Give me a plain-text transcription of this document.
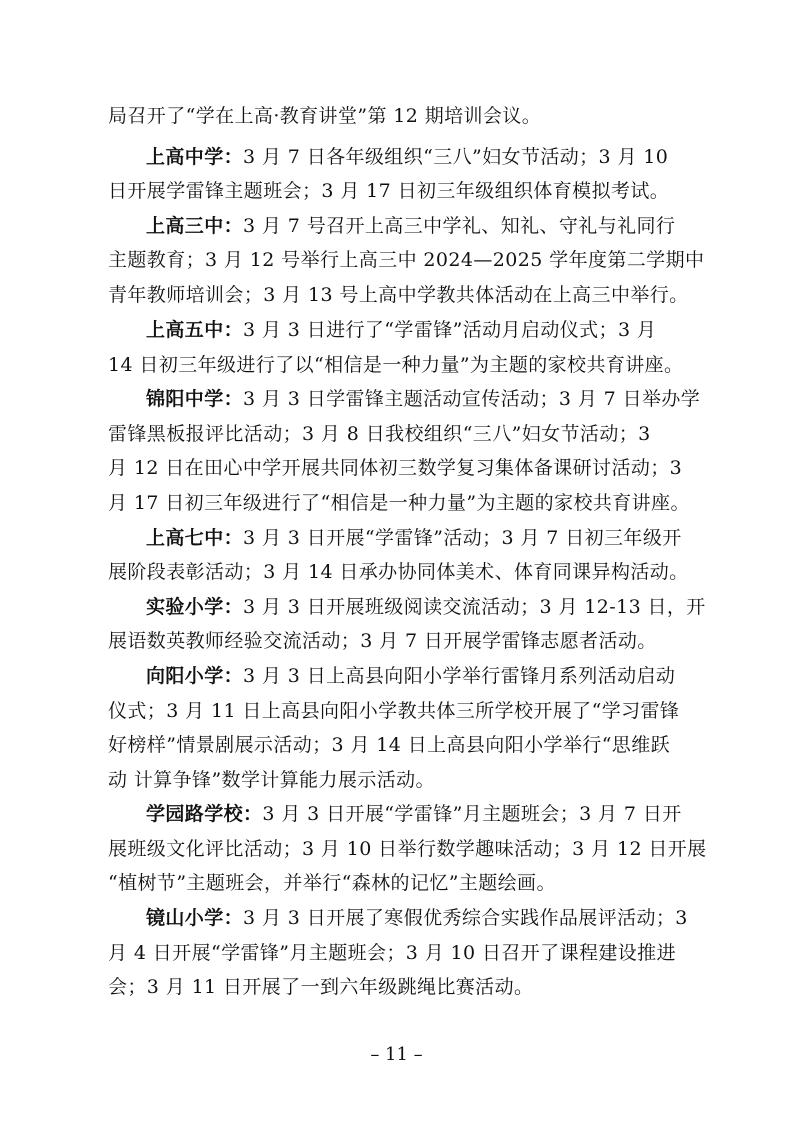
局召开了“学在上高·教育讲堂”第 12 期培训会议。
上高中学：3 月 7 日各年级组织“三八”妇女节活动；3 月 10
日开展学雷锋主题班会；3 月 17 日初三年级组织体育模拟考试。
上高三中：3 月 7 号召开上高三中学礼、知礼、守礼与礼同行
主题教育；3 月 12 号举行上高三中 2024—2025 学年度第二学期中
青年教师培训会；3 月 13 号上高中学教共体活动在上高三中举行。
上高五中：3 月 3 日进行了“学雷锋”活动月启动仪式；3 月
14 日初三年级进行了以“相信是一种力量”为主题的家校共育讲座。
锦阳中学：3 月 3 日学雷锋主题活动宣传活动；3 月 7 日举办学
雷锋黑板报评比活动；3 月 8 日我校组织“三八”妇女节活动；3
月 12 日在田心中学开展共同体初三数学复习集体备课研讨活动；3
月 17 日初三年级进行了“相信是一种力量”为主题的家校共育讲座。
上高七中：3 月 3 日开展“学雷锋”活动；3 月 7 日初三年级开
展阶段表彰活动；3 月 14 日承办协同体美术、体育同课异构活动。
实验小学：3 月 3 日开展班级阅读交流活动；3 月 12-13 日，开
展语数英教师经验交流活动；3 月 7 日开展学雷锋志愿者活动。
向阳小学：3 月 3 日上高县向阳小学举行雷锋月系列活动启动
仪式；3 月 11 日上高县向阳小学教共体三所学校开展了“学习雷锋
好榜样”情景剧展示活动；3 月 14 日上高县向阳小学举行“思维跃
动 计算争锋”数学计算能力展示活动。
学园路学校：3 月 3 日开展“学雷锋”月主题班会；3 月 7 日开
展班级文化评比活动；3 月 10 日举行数学趣味活动；3 月 12 日开展
“植树节”主题班会，并举行“森林的记忆”主题绘画。
镜山小学：3 月 3 日开展了寒假优秀综合实践作品展评活动；3
月 4 日开展“学雷锋”月主题班会；3 月 10 日召开了课程建设推进
会；3 月 11 日开展了一到六年级跳绳比赛活动。
– 11 –
